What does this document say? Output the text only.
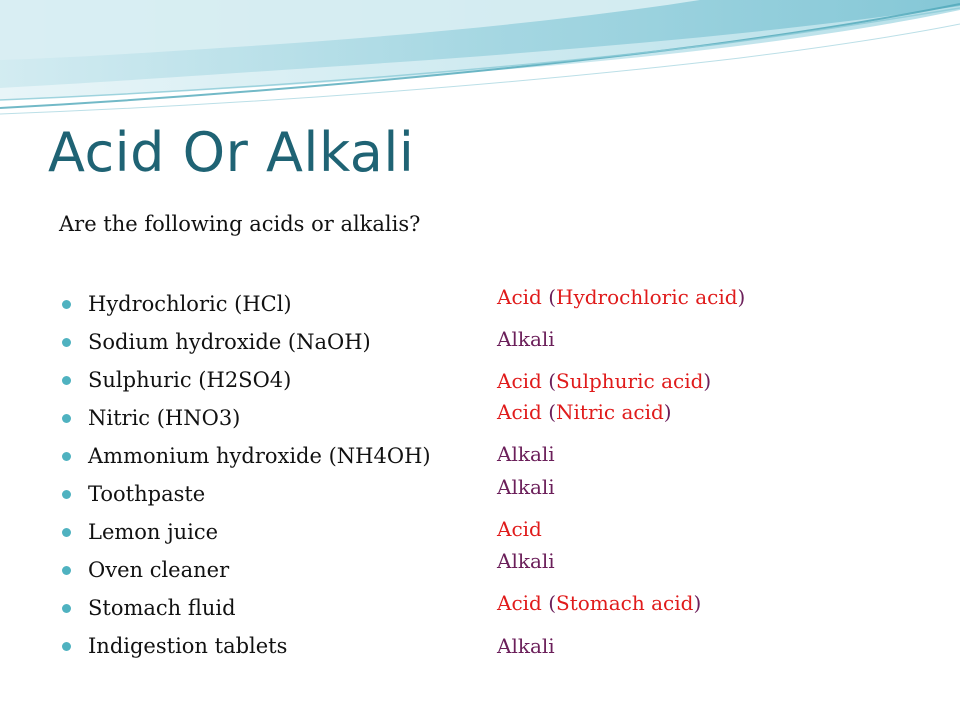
Acid Or Alkali
Are the following acids or alkalis?
Hydrochloric (HCl)
Sodium hydroxide (NaOH)
Sulphuric (H2SO4)
Nitric (HNO3)
Ammonium hydroxide (NH4OH)
Toothpaste
Lemon juice
Oven cleaner
Stomach fluid
Indigestion tablets
Acid (Hydrochloric acid)
Alkali
Acid (Sulphuric acid)
Acid (Nitric acid)
Alkali
Alkali
Acid
Alkali
Acid (Stomach acid)
Alkali
